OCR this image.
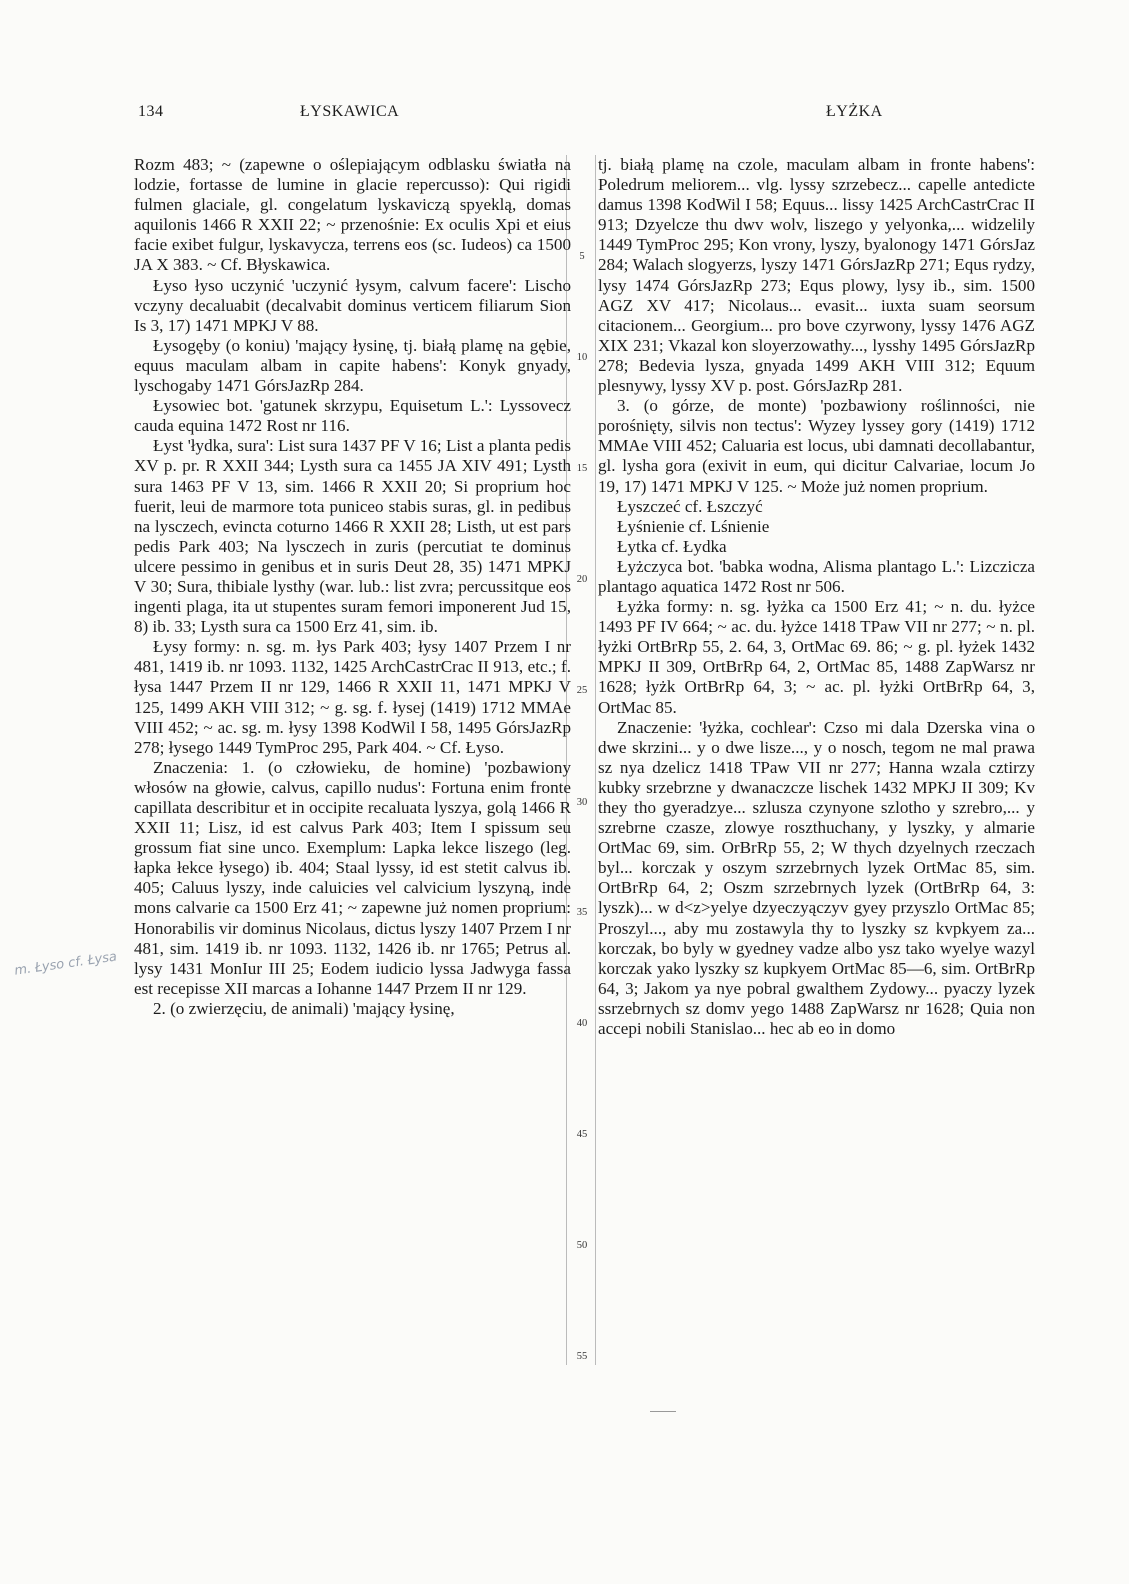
134	ŁYSKAWICA	ŁYŻKA

Rozm 483; ~ (zapewne o oślepiającym odblasku światła na lodzie, fortasse de lumine in glacie repercusso): Qui rigidi fulmen glaciale, gl. congelatum lyskaviczą spyeklą, domas aquilonis 1466 R XXII 22; ~ przenośnie: Ex oculis Xpi et eius facie exibet fulgur, lyskavycza, terrens eos (sc. Iudeos) ca 1500 JA X 383. ~ Cf. Błyskawica.

Łyso łyso uczynić 'uczynić łysym, calvum facere': Lischo vczyny decaluabit (decalvabit dominus verticem filiarum Sion Is 3, 17) 1471 MPKJ V 88.

Łysogęby (o koniu) 'mający łysinę, tj. białą plamę na gębie, equus maculam albam in capite habens': Konyk gnyady, lyschogaby 1471 GórsJazRp 284.

Łysowiec bot. 'gatunek skrzypu, Equisetum L.': Lyssovecz cauda equina 1472 Rost nr 116.

Łyst 'łydka, sura': List sura 1437 PF V 16; List a planta pedis XV p. pr. R XXII 344; Lysth sura ca 1455 JA XIV 491; Lysth sura 1463 PF V 13, sim. 1466 R XXII 20; Si proprium hoc fuerit, leui de marmore tota puniceo stabis suras, gl. in pedibus na lysczech, evincta coturno 1466 R XXII 28; Listh, ut est pars pedis Park 403; Na lysczech in zuris (percutiat te dominus ulcere pessimo in genibus et in suris Deut 28, 35) 1471 MPKJ V 30; Sura, thibiale lysthy (war. lub.: list zvra; percussitque eos ingenti plaga, ita ut stupentes suram femori imponerent Jud 15, 8) ib. 33; Lysth sura ca 1500 Erz 41, sim. ib.

Łysy formy: n. sg. m. łys Park 403; łysy 1407 Przem I nr 481, 1419 ib. nr 1093. 1132, 1425 ArchCastrCrac II 913, etc.; f. łysa 1447 Przem II nr 129, 1466 R XXII 11, 1471 MPKJ V 125, 1499 AKH VIII 312; ~ g. sg. f. łysej (1419) 1712 MMAe VIII 452; ~ ac. sg. m. łysy 1398 KodWil I 58, 1495 GórsJazRp 278; łysego 1449 TymProc 295, Park 404. ~ Cf. Łyso.

Znaczenia: 1. (o człowieku, de homine) 'pozbawiony włosów na głowie, calvus, capillo nudus': Fortuna enim fronte capillata describitur et in occipite recaluata lyszya, golą 1466 R XXII 11; Lisz, id est calvus Park 403; Item I spissum seu grossum fiat sine unco. Exemplum: Lapka lekce liszego (leg. łapka łekce łysego) ib. 404; Staal lyssy, id est stetit calvus ib. 405; Caluus lyszy, inde caluicies vel calvicium lyszyną, inde mons calvarie ca 1500 Erz 41; ~ zapewne już nomen proprium: Honorabilis vir dominus Nicolaus, dictus lyszy 1407 Przem I nr 481, sim. 1419 ib. nr 1093. 1132, 1426 ib. nr 1765; Petrus al. lysy 1431 MonIur III 25; Eodem iudicio lyssa Jadwyga fassa est recepisse XII marcas a Iohanne 1447 Przem II nr 129.

2. (o zwierzęciu, de animali) 'mający łysinę,

tj. białą plamę na czole, maculam albam in fronte habens': Poledrum meliorem... vlg. lyssy szrzebecz... capelle antedicte damus 1398 KodWil I 58; Equus... lissy 1425 ArchCastrCrac II 913; Dzyelcze thu dwv wolv, liszego y yelyonka,... widzelily 1449 TymProc 295; Kon vrony, lyszy, byalonogy 1471 GórsJaz 284; Walach slogyerzs, lyszy 1471 GórsJazRp 271; Equs rydzy, lysy 1474 GórsJazRp 273; Equs plowy, lysy ib., sim. 1500 AGZ XV 417; Nicolaus... evasit... iuxta suam seorsum citacionem... Georgium... pro bove czyrwony, lyssy 1476 AGZ XIX 231; Vkazal kon sloyerzowathy..., lysshy 1495 GórsJazRp 278; Bedevia lysza, gnyada 1499 AKH VIII 312; Equum plesnywy, lyssy XV p. post. GórsJazRp 281.

3. (o górze, de monte) 'pozbawiony roślinności, nie porośnięty, silvis non tectus': Wyzey lyssey gory (1419) 1712 MMAe VIII 452; Caluaria est locus, ubi damnati decollabantur, gl. lysha gora (exivit in eum, qui dicitur Calvariae, locum Jo 19, 17) 1471 MPKJ V 125. ~ Może już nomen proprium.

Łyszczeć cf. Łszczyć

Łyśnienie cf. Lśnienie

Łytka cf. Łydka

Łyżczyca bot. 'babka wodna, Alisma plantago L.': Lizczicza plantago aquatica 1472 Rost nr 506.

Łyżka formy: n. sg. łyżka ca 1500 Erz 41; ~ n. du. łyżce 1493 PF IV 664; ~ ac. du. łyżce 1418 TPaw VII nr 277; ~ n. pl. łyżki OrtBrRp 55, 2. 64, 3, OrtMac 69. 86; ~ g. pl. łyżek 1432 MPKJ II 309, OrtBrRp 64, 2, OrtMac 85, 1488 ZapWarsz nr 1628; łyżk OrtBrRp 64, 3; ~ ac. pl. łyżki OrtBrRp 64, 3, OrtMac 85.

Znaczenie: 'łyżka, cochlear': Czso mi dala Dzerska vina o dwe skrzini... y o dwe lisze..., y o nosch, tegom ne mal prawa sz nya dzelicz 1418 TPaw VII nr 277; Hanna wzala cztirzy kubky srzebrzne y dwanaczcze lischek 1432 MPKJ II 309; Kv they tho gyeradzye... szlusza czynyone szlotho y szrebro,... y szrebrne czasze, zlowye roszthuchany, y lyszky, y almarie OrtMac 69, sim. OrBrRp 55, 2; W thych dzyelnych rzeczach byl... korczak y oszym szrzebrnych lyzek OrtMac 85, sim. OrtBrRp 64, 2; Oszm szrzebrnych lyzek (OrtBrRp 64, 3: lyszk)... w d<z>yelye dzyeczyączyv gyey przyszlo OrtMac 85; Proszyl..., aby mu zostawyla thy to lyszky sz kvpkyem za... korczak, bo byly w gyedney vadze albo ysz tako wyelye wazyl korczak yako lyszky sz kupkyem OrtMac 85—6, sim. OrtBrRp 64, 3; Jakom ya nye pobral gwalthem Zydowy... pyaczy lyzek ssrzebrnych sz domv yego 1488 ZapWarsz nr 1628; Quia non accepi nobili Stanislao... hec ab eo in domo

5
10
15
20
25
30
35
40
45
50
55
m. Łyso cf. Łysa
